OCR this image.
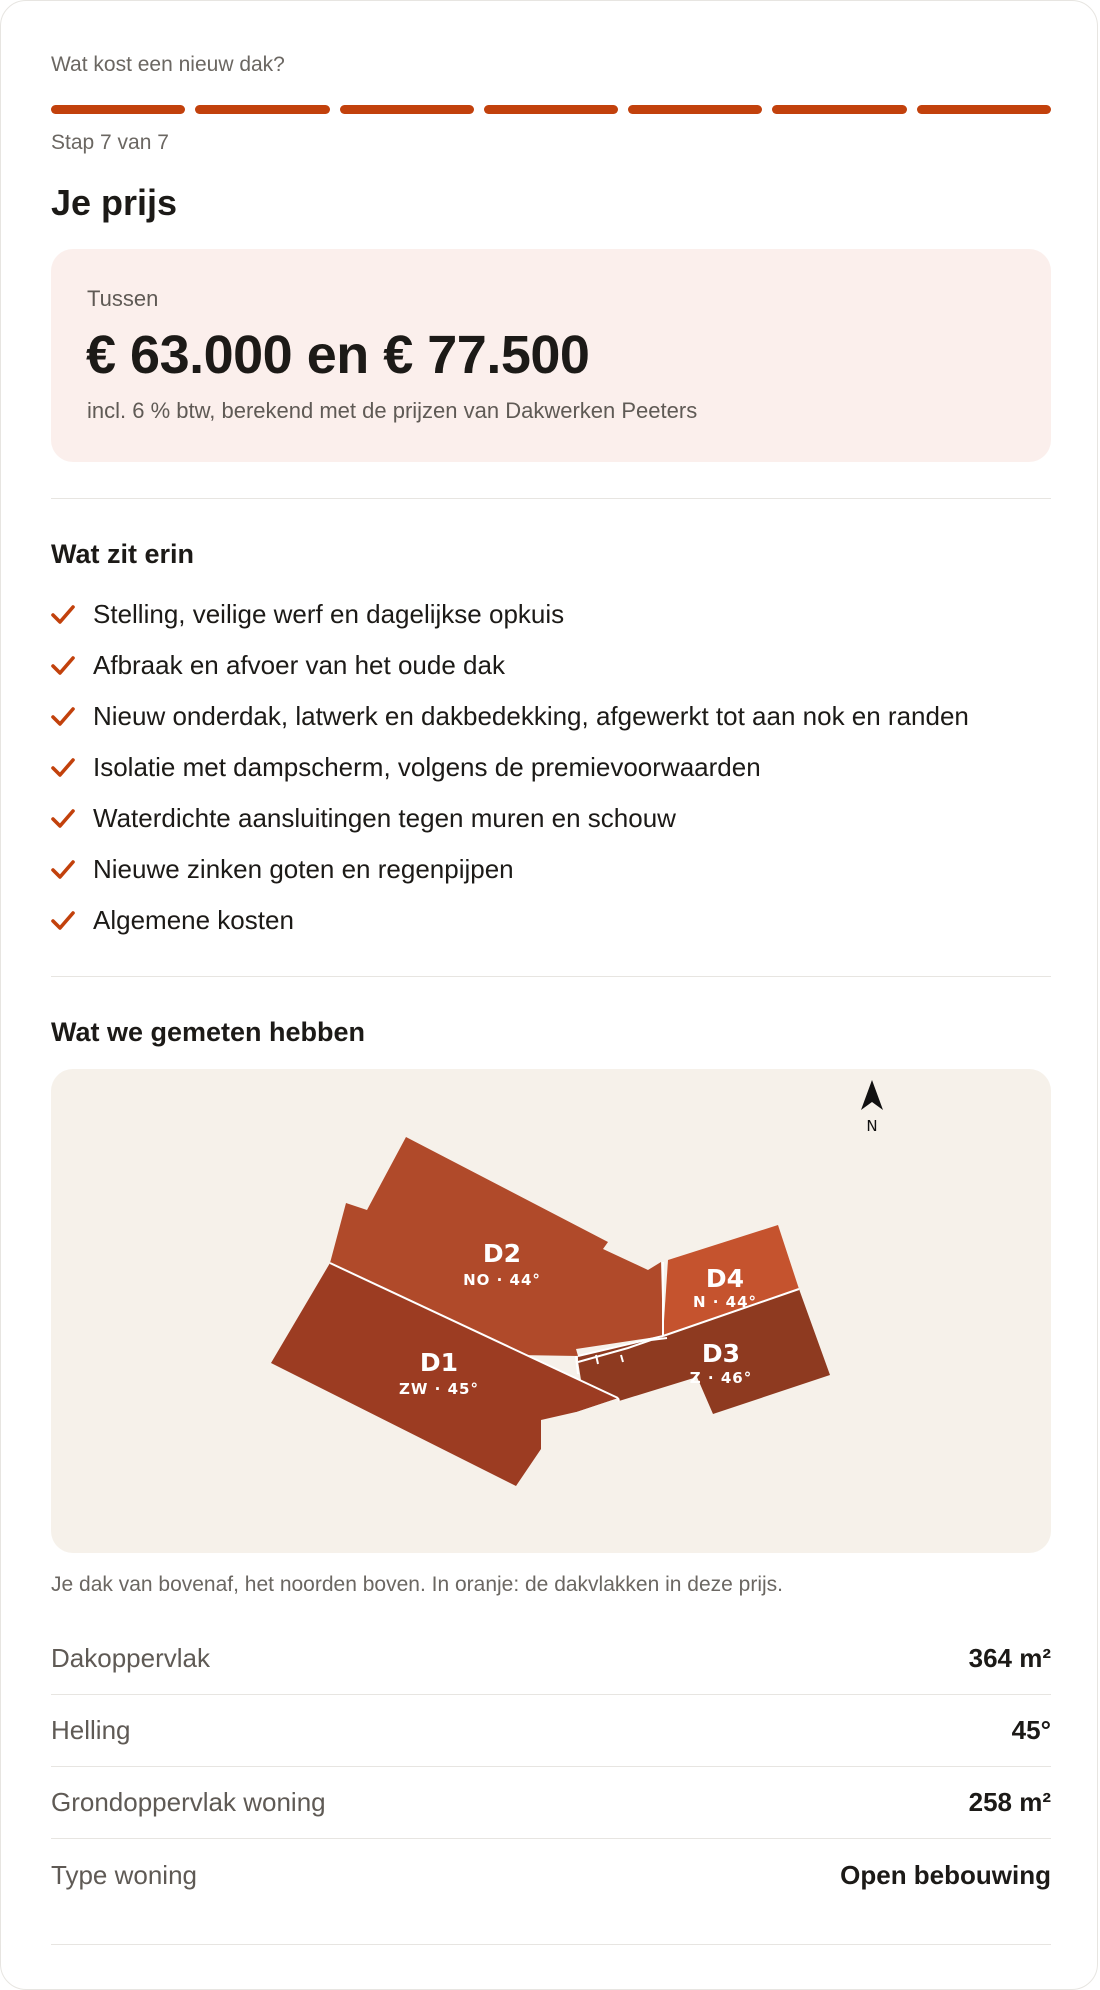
Wat kost een nieuw dak?
Stap 7 van 7
Je prijs
Tussen
€ 63.000 en € 77.500
incl. 6 % btw, berekend met de prijzen van Dakwerken Peeters
Wat zit erin
Stelling, veilige werf en dagelijkse opkuis
Afbraak en afvoer van het oude dak
Nieuw onderdak, latwerk en dakbedekking, afgewerkt tot aan nok en randen
Isolatie met dampscherm, volgens de premievoorwaarden
Waterdichte aansluitingen tegen muren en schouw
Nieuwe zinken goten en regenpijpen
Algemene kosten
Wat we gemeten hebben
N
D2
NO · 44°	D4
N · 44°
D1
ZW · 45°
D3
Z · 46°
Je dak van bovenaf, het noorden boven. In oranje: de dakvlakken in deze prijs.
Dakoppervlak	364 m²
Helling	45°
Grondoppervlak woning	258 m²
Type woning	Open bebouwing
